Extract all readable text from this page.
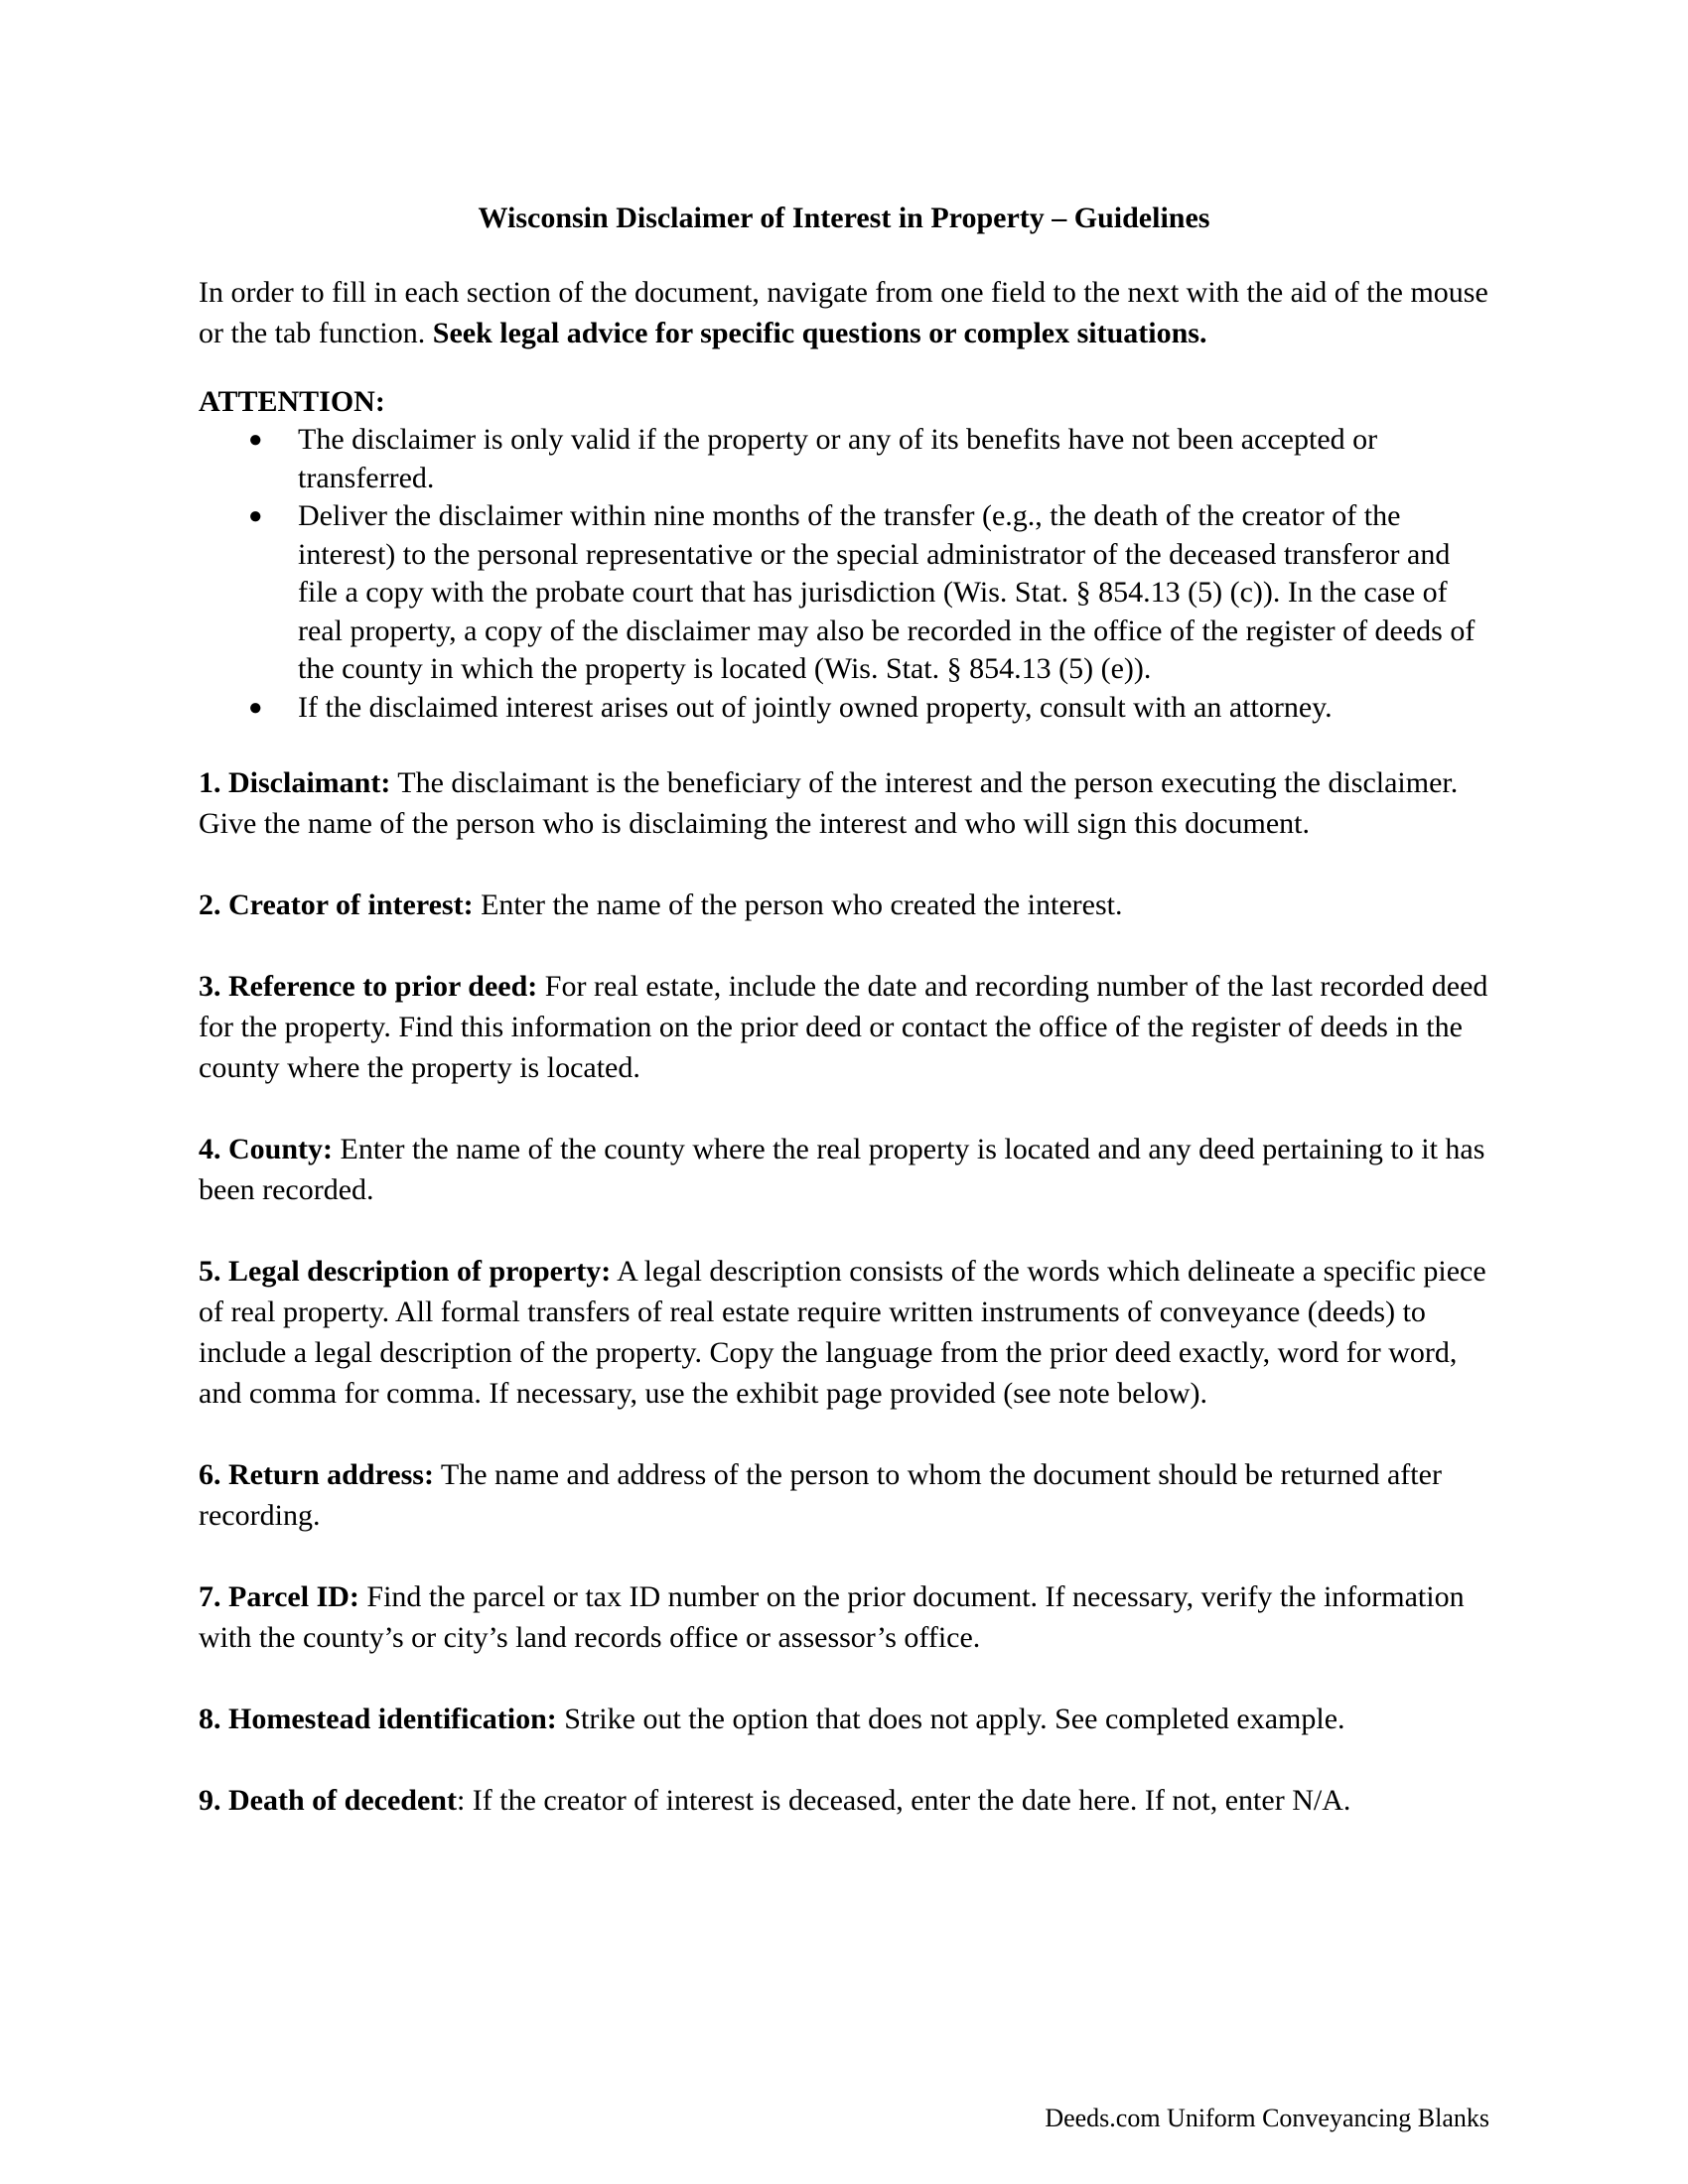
Wisconsin Disclaimer of Interest in Property – Guidelines

In order to fill in each section of the document, navigate from one field to the next with the aid of the mouse or the tab function. Seek legal advice for specific questions or complex situations.

ATTENTION:
● The disclaimer is only valid if the property or any of its benefits have not been accepted or transferred.
● Deliver the disclaimer within nine months of the transfer (e.g., the death of the creator of the interest) to the personal representative or the special administrator of the deceased transferor and file a copy with the probate court that has jurisdiction (Wis. Stat. § 854.13 (5) (c)). In the case of real property, a copy of the disclaimer may also be recorded in the office of the register of deeds of the county in which the property is located (Wis. Stat. § 854.13 (5) (e)).
● If the disclaimed interest arises out of jointly owned property, consult with an attorney.

1. Disclaimant: The disclaimant is the beneficiary of the interest and the person executing the disclaimer. Give the name of the person who is disclaiming the interest and who will sign this document.

2. Creator of interest: Enter the name of the person who created the interest.

3. Reference to prior deed: For real estate, include the date and recording number of the last recorded deed for the property. Find this information on the prior deed or contact the office of the register of deeds in the county where the property is located.

4. County: Enter the name of the county where the real property is located and any deed pertaining to it has been recorded.

5. Legal description of property: A legal description consists of the words which delineate a specific piece of real property. All formal transfers of real estate require written instruments of conveyance (deeds) to include a legal description of the property. Copy the language from the prior deed exactly, word for word, and comma for comma. If necessary, use the exhibit page provided (see note below).

6. Return address: The name and address of the person to whom the document should be returned after recording.

7. Parcel ID: Find the parcel or tax ID number on the prior document. If necessary, verify the information with the county’s or city’s land records office or assessor’s office.

8. Homestead identification: Strike out the option that does not apply. See completed example.

9. Death of decedent: If the creator of interest is deceased, enter the date here. If not, enter N/A.

Deeds.com Uniform Conveyancing Blanks
